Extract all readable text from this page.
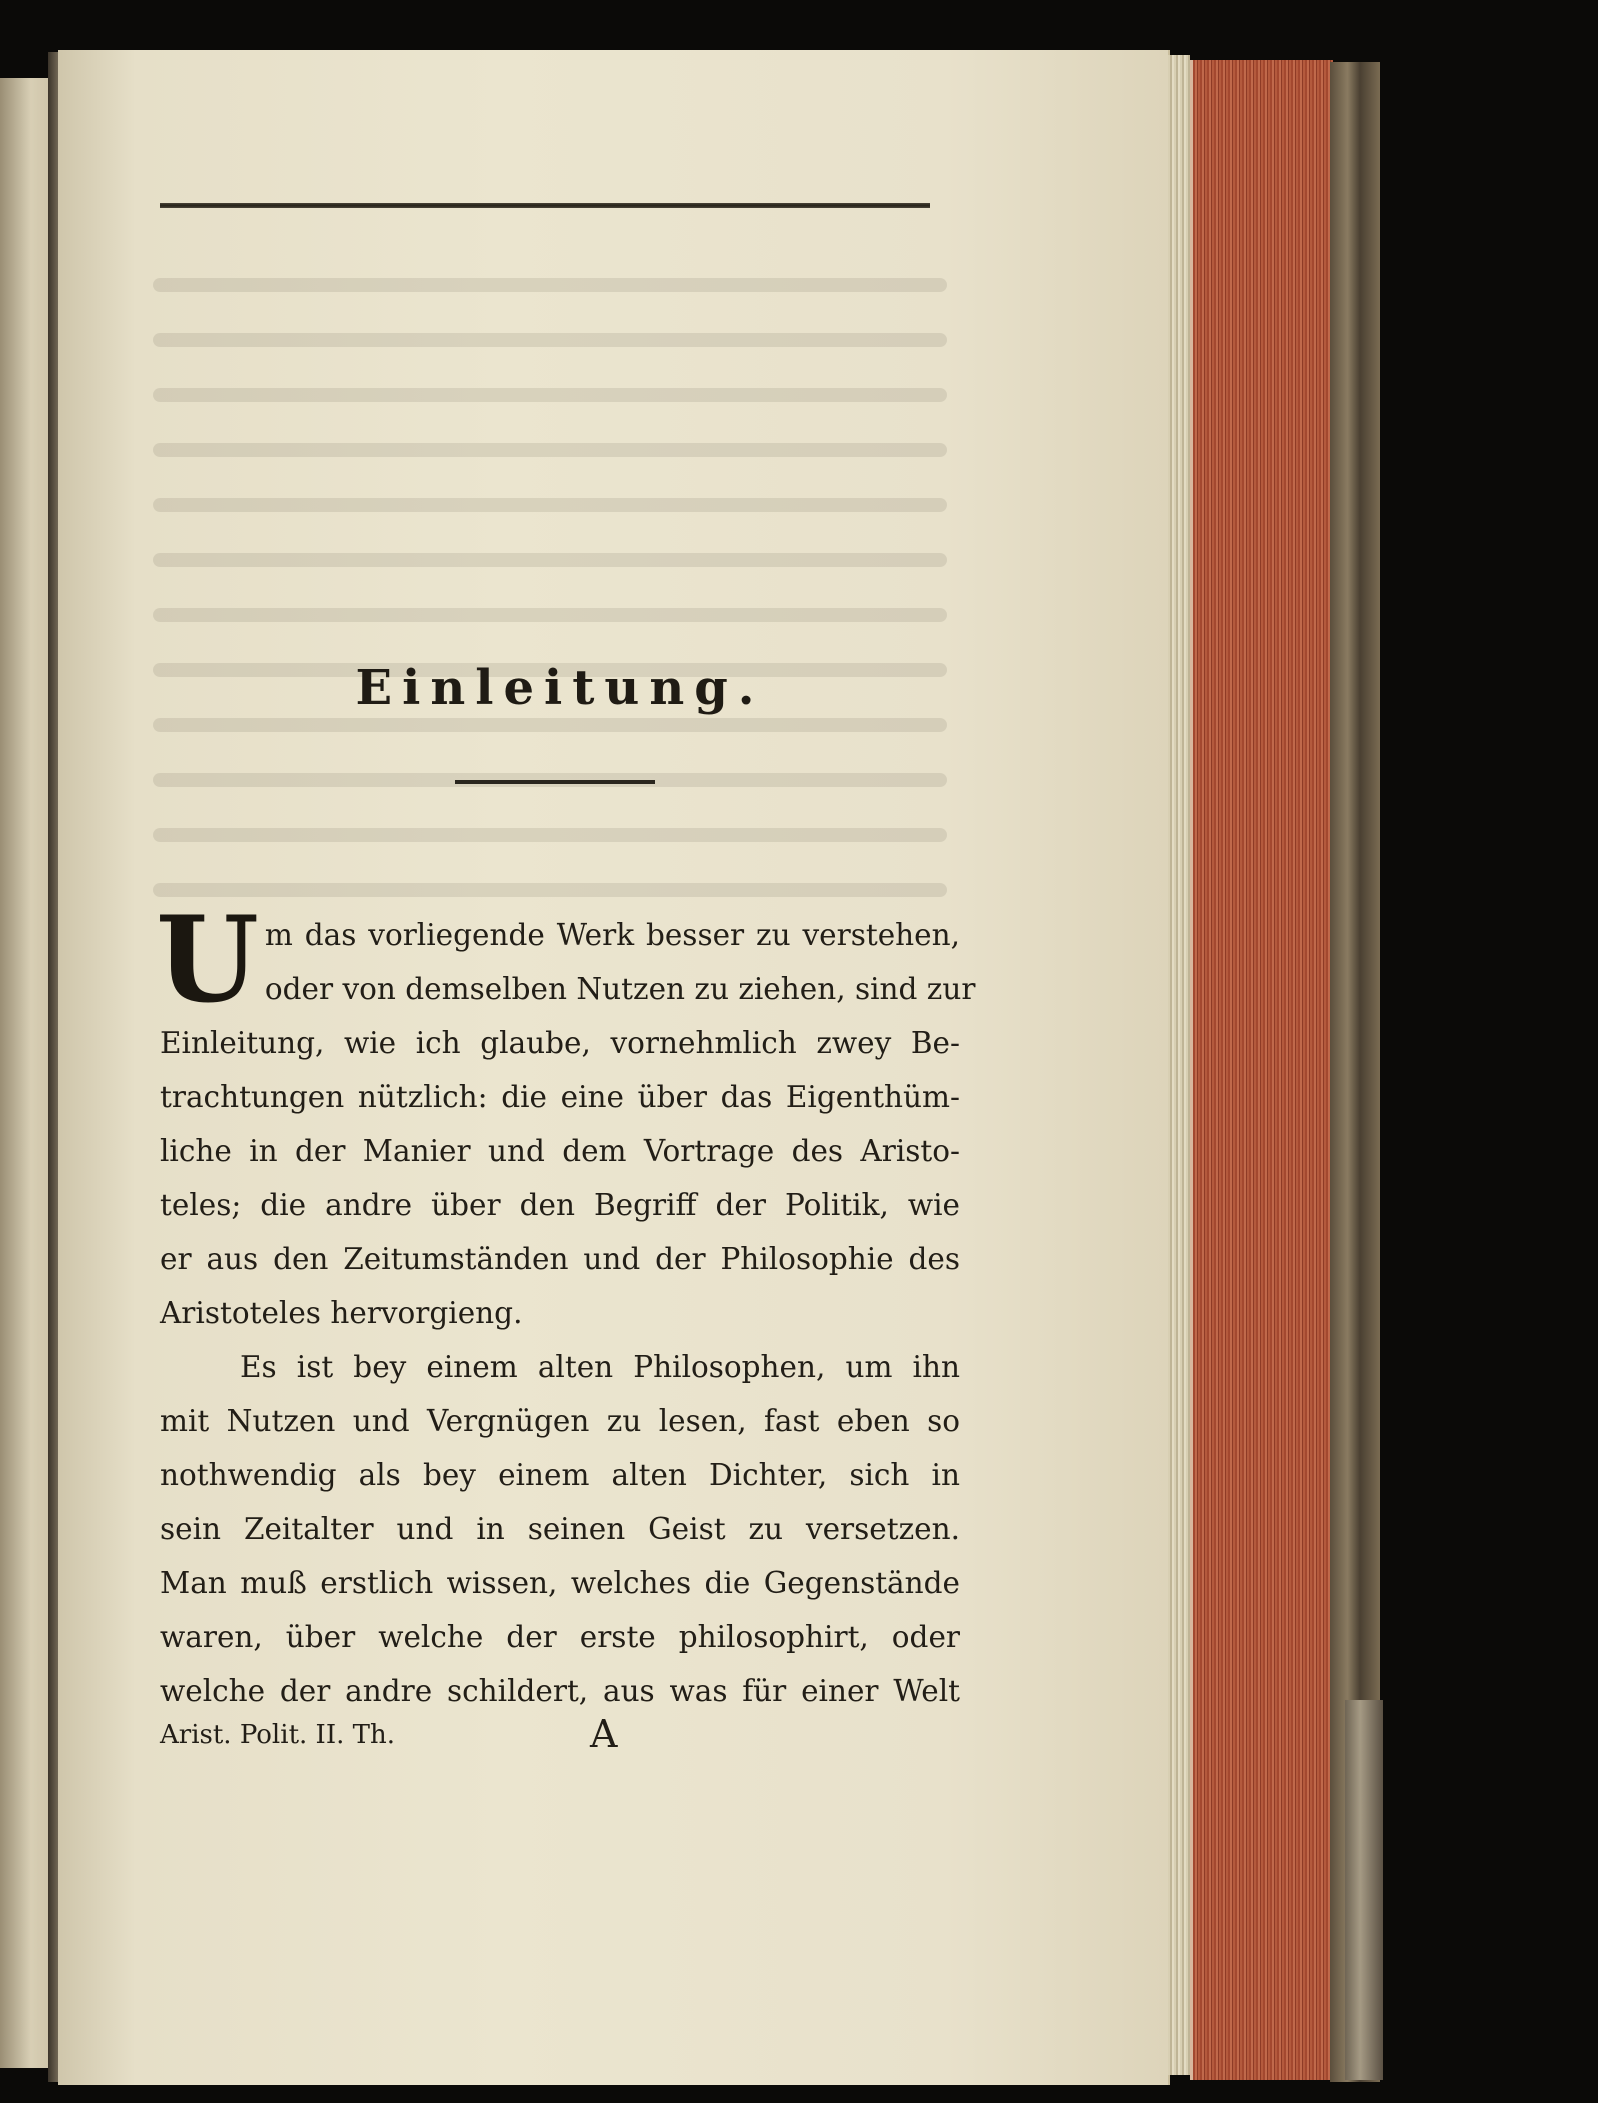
Einleitung.

U m das vorliegende Werk besser zu verstehen,
oder von demselben Nutzen zu ziehen, sind zur
Einleitung, wie ich glaube, vornehmlich zwey Be-
trachtungen nützlich: die eine über das Eigenthüm-
liche in der Manier und dem Vortrage des Aristo-
teles; die andre über den Begriff der Politik, wie
er aus den Zeitumständen und der Philosophie des
Aristoteles hervorgieng.

Es ist bey einem alten Philosophen, um ihn
mit Nutzen und Vergnügen zu lesen, fast eben so
nothwendig als bey einem alten Dichter, sich in
sein Zeitalter und in seinen Geist zu versetzen.
Man muß erstlich wissen, welches die Gegenstände
waren, über welche der erste philosophirt, oder
welche der andre schildert, aus was für einer Welt

Arist. Polit. II. Th.	A
